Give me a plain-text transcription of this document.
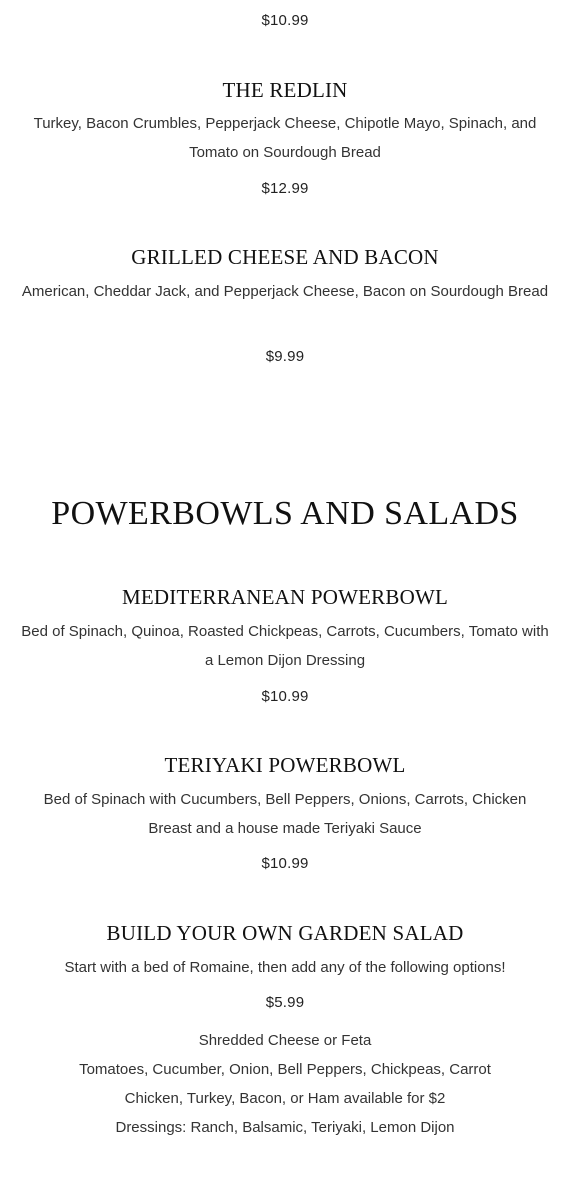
$10.99
THE REDLIN
Turkey, Bacon Crumbles, Pepperjack Cheese, Chipotle Mayo, Spinach, and Tomato on Sourdough Bread
$12.99
GRILLED CHEESE AND BACON
American, Cheddar Jack, and Pepperjack Cheese, Bacon on Sourdough Bread
$9.99
POWERBOWLS AND SALADS
MEDITERRANEAN POWERBOWL
Bed of Spinach, Quinoa, Roasted Chickpeas, Carrots, Cucumbers, Tomato with a Lemon Dijon Dressing
$10.99
TERIYAKI POWERBOWL
Bed of Spinach with Cucumbers, Bell Peppers, Onions, Carrots, Chicken Breast and a house made Teriyaki Sauce
$10.99
BUILD YOUR OWN GARDEN SALAD
Start with a bed of Romaine, then add any of the following options!
$5.99
Shredded Cheese or Feta
Tomatoes, Cucumber, Onion, Bell Peppers, Chickpeas, Carrot
Chicken, Turkey, Bacon, or Ham available for $2
Dressings: Ranch, Balsamic, Teriyaki, Lemon Dijon
